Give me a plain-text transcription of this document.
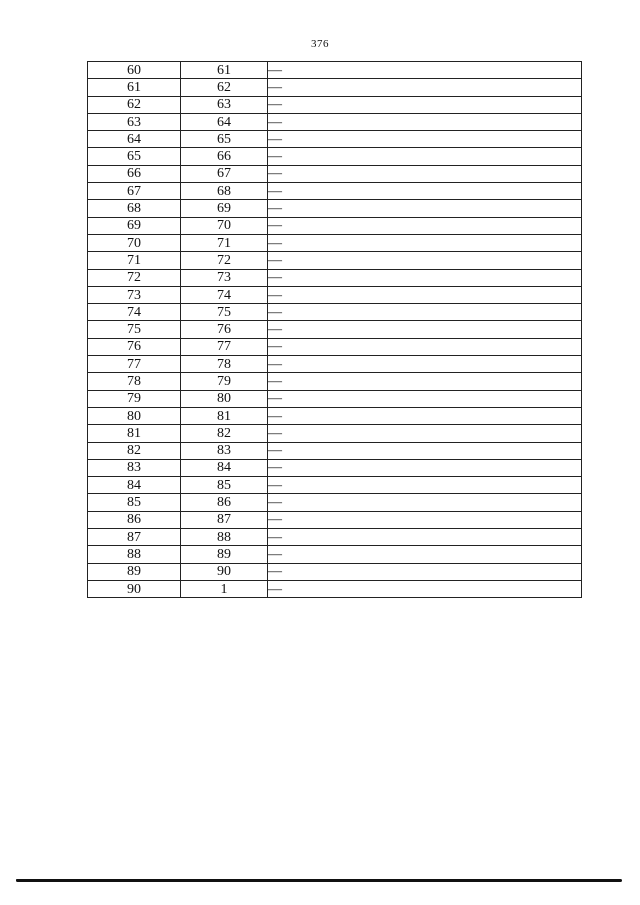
376
60	61	—
61	62	—
62	63	—
63	64	—
64	65	—
65	66	—
66	67	—
67	68	—
68	69	—
69	70	—
70	71	—
71	72	—
72	73	—
73	74	—
74	75	—
75	76	—
76	77	—
77	78	—
78	79	—
79	80	—
80	81	—
81	82	—
82	83	—
83	84	—
84	85	—
85	86	—
86	87	—
87	88	—
88	89	—
89	90	—
90	1	—
